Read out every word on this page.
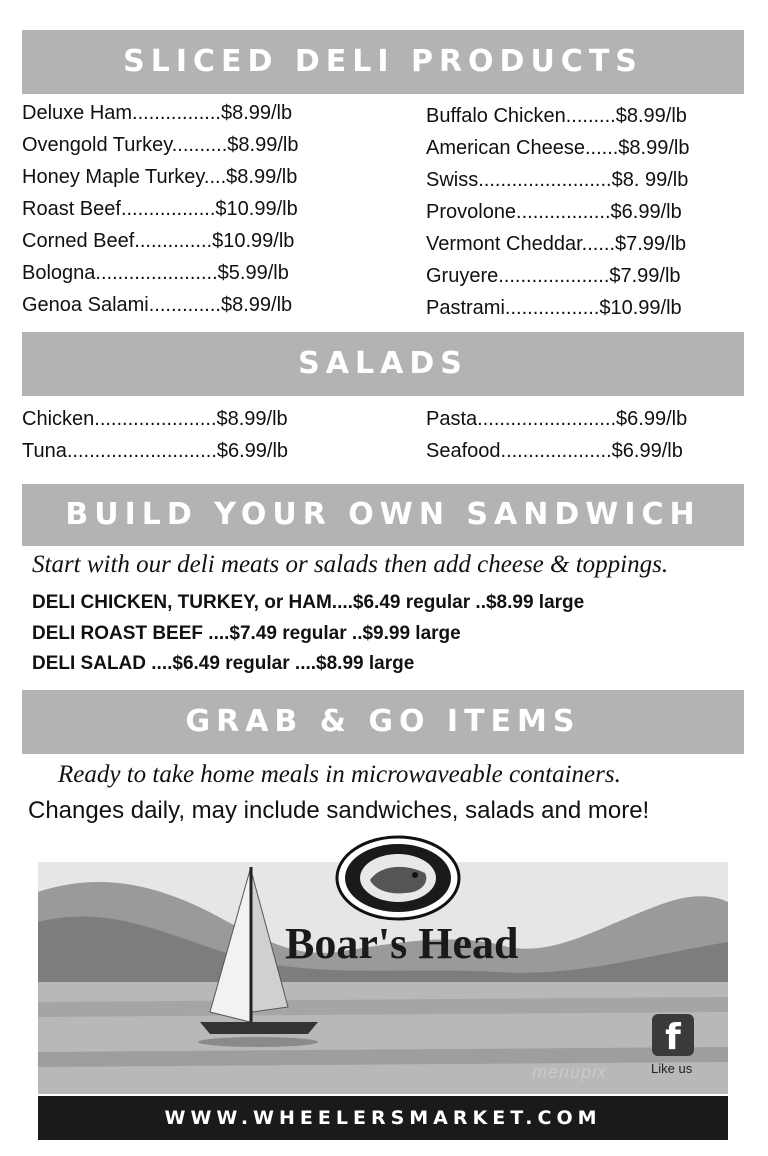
SLICED DELI PRODUCTS
Deluxe Ham................$8.99/lb
Ovengold Turkey..........$8.99/lb
Honey Maple Turkey....$8.99/lb
Roast Beef.................$10.99/lb
Corned Beef..............$10.99/lb
Bologna......................$5.99/lb
Genoa Salami.............$8.99/lb
Buffalo Chicken.........$8.99/lb
American Cheese......$8.99/lb
Swiss........................$8. 99/lb
Provolone.................$6.99/lb
Vermont Cheddar......$7.99/lb
Gruyere....................$7.99/lb
Pastrami.................$10.99/lb
SALADS
Chicken......................$8.99/lb
Tuna...........................$6.99/lb
Pasta.........................$6.99/lb
Seafood....................$6.99/lb
BUILD YOUR OWN SANDWICH
Start with our deli meats or salads then add cheese & toppings.
DELI CHICKEN, TURKEY, or HAM....$6.49 regular ..$8.99 large
DELI ROAST BEEF ....$7.49 regular ..$9.99 large
DELI SALAD ....$6.49 regular ....$8.99 large
GRAB & GO ITEMS
Ready to take home meals in microwaveable containers.
Changes daily, may include sandwiches, salads and more!
Boar's Head
menupix
f
Like us
WWW.WHEELERSMARKET.COM
